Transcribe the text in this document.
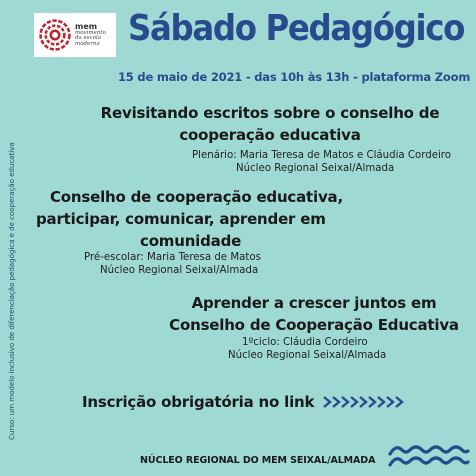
mem
movimento
da escola
moderna Sábado Pedagógico
15 de maio de 2021 - das 10h às 13h - plataforma Zoom
Curso: um modelo inclusivo de diferenciação pedagógica e de cooperação educativa
Revisitando escritos sobre o conselho de
cooperação educativa
Plenário: Maria Teresa de Matos e Cláudia Cordeiro
Núcleo Regional Seixal/Almada
Conselho de cooperação educativa,
participar, comunicar, aprender em
comunidade
Pré-escolar: Maria Teresa de Matos
Núcleo Regional Seixal/Almada
Aprender a crescer juntos em
Conselho de Cooperação Educativa
1ºciclo: Cláudia Cordeiro
Núcleo Regional Seixal/Almada
Inscrição obrigatória no link
NÚCLEO REGIONAL DO MEM SEIXAL/ALMADA
